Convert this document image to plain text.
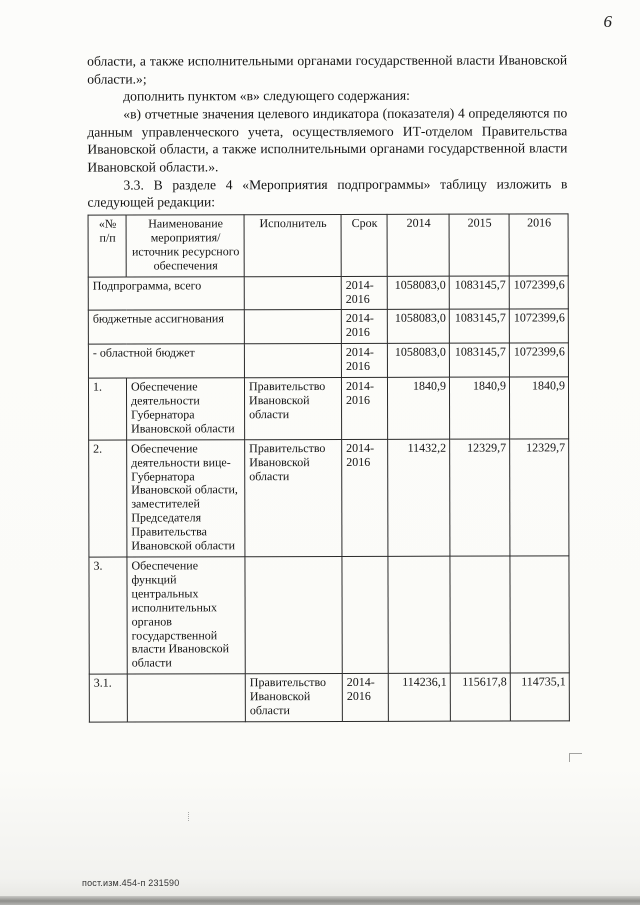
6

области, а также исполнительными органами государственной власти Ивановской области.»;

дополнить пунктом «в» следующего содержания:

«в) отчетные значения целевого индикатора (показателя) 4 определяются по данным управленческого учета, осуществляемого ИТ-отделом Правительства Ивановской области, а также исполнительными органами государственной власти Ивановской области.».

3.3. В разделе 4 «Мероприятия подпрограммы» таблицу изложить в следующей редакции:

«№ п/п	Наименование мероприятия/ источник ресурсного обеспечения	Исполнитель	Срок	2014	2015	2016
Подпрограмма, всего			2014-2016	1058083,0	1083145,7	1072399,6
бюджетные ассигнования			2014-2016	1058083,0	1083145,7	1072399,6
- областной бюджет			2014-2016	1058083,0	1083145,7	1072399,6
1.	Обеспечение деятельности Губернатора Ивановской области	Правительство Ивановской области	2014-2016	1840,9	1840,9	1840,9
2.	Обеспечение деятельности вице-Губернатора Ивановской области, заместителей Председателя Правительства Ивановской области	Правительство Ивановской области	2014-2016	11432,2	12329,7	12329,7
3.	Обеспечение функций центральных исполнительных органов государственной власти Ивановской области					
3.1.		Правительство Ивановской области	2014-2016	114236,1	115617,8	114735,1
пост.изм.454-п 231590
